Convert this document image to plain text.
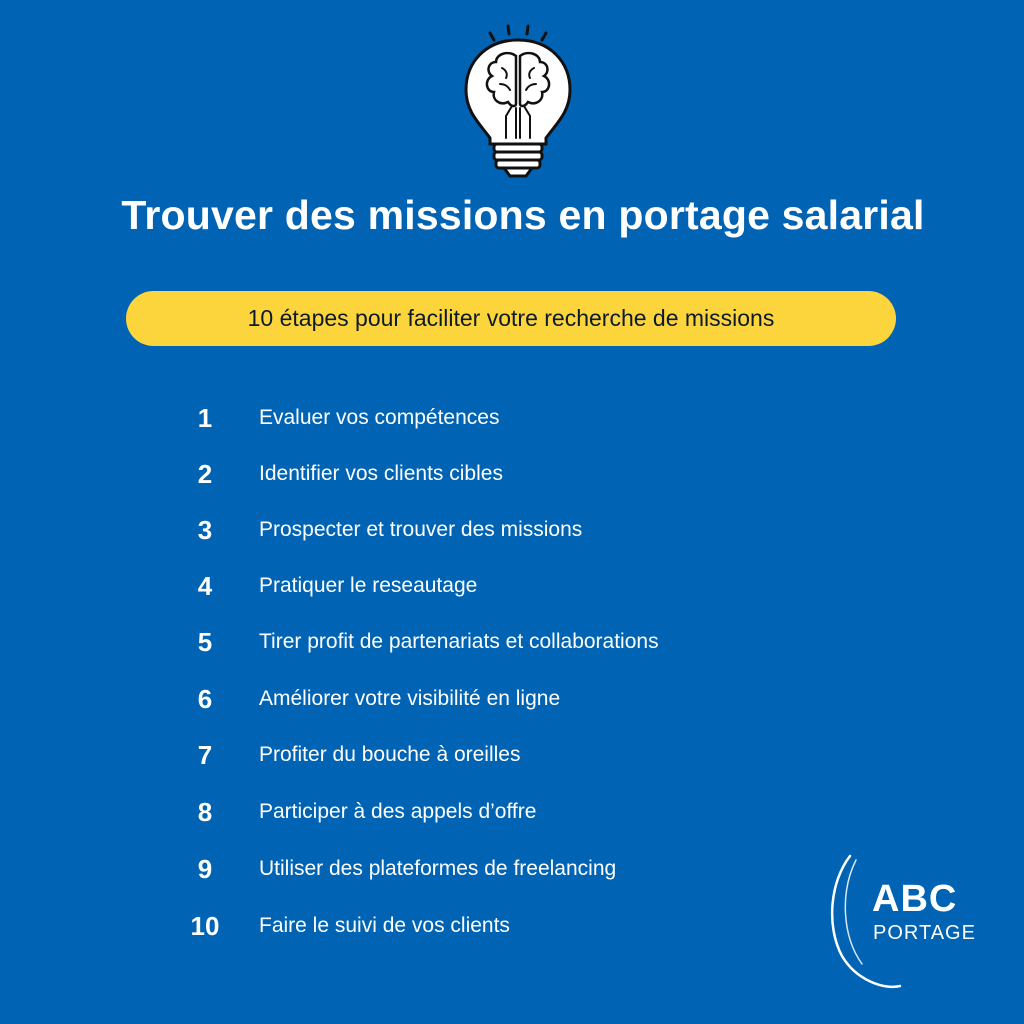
Trouver des missions en portage salarial
10 étapes pour faciliter votre recherche de missions
1	Evaluer vos compétences
2	Identifier vos clients cibles
3	Prospecter et trouver des missions
4	Pratiquer le reseautage
5	Tirer profit de partenariats et collaborations
6	Améliorer votre visibilité en ligne
7	Profiter du bouche à oreilles
8	Participer à des appels d’offre
9	Utiliser des plateformes de freelancing
10	Faire le suivi de vos clients
ABC
PORTAGE
